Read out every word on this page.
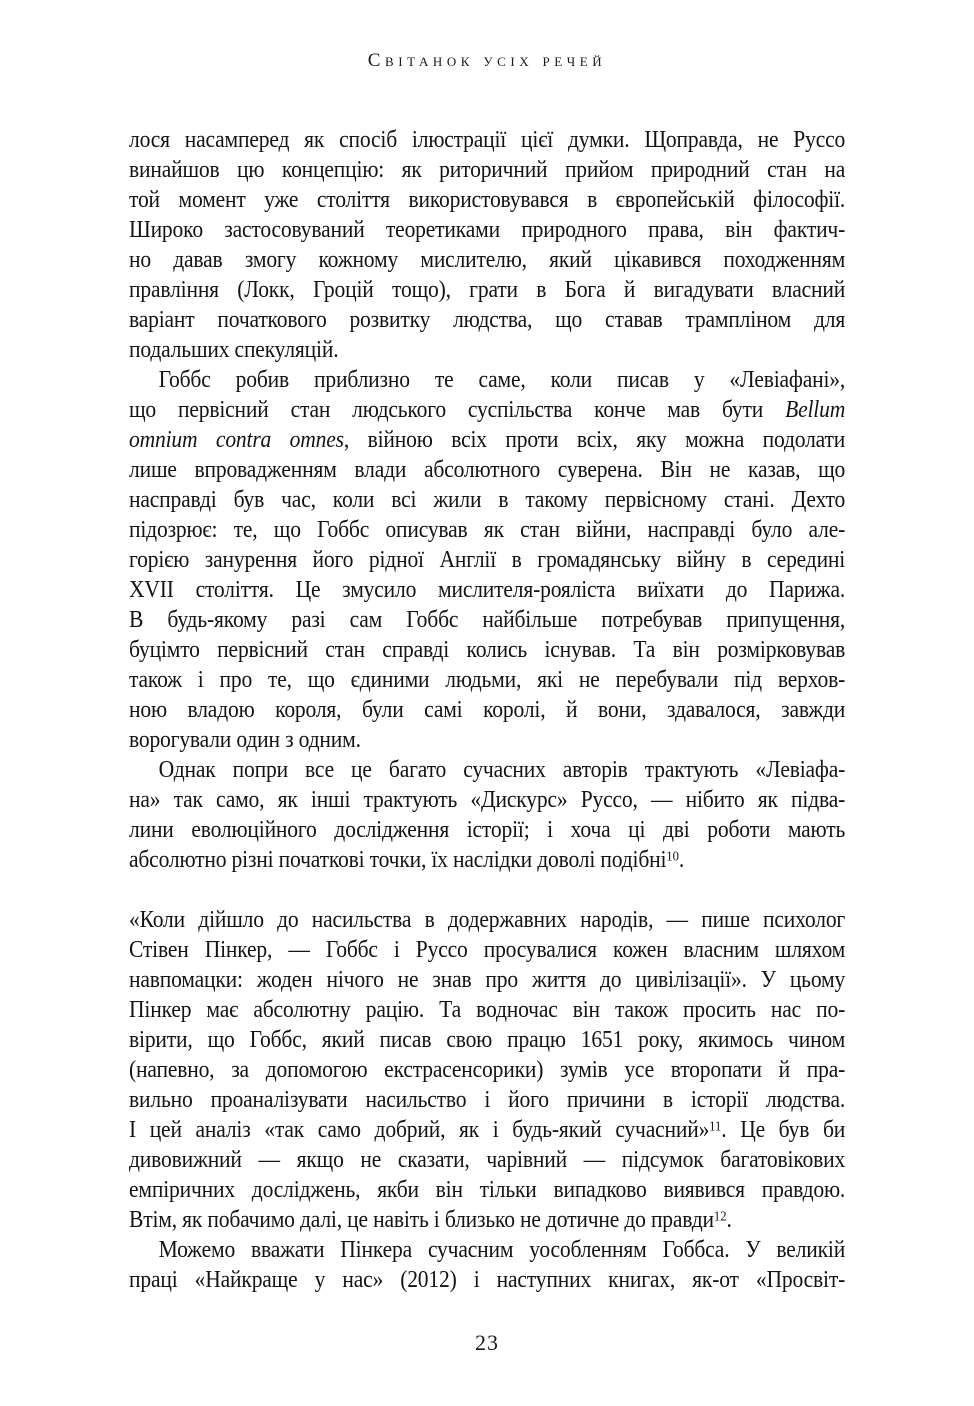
Світанок усіх речей
лося насамперед як спосіб ілюстрації цієї думки. Щоправда, не Руссо
винайшов цю концепцію: як риторичний прийом природний стан на
той момент уже століття використовувався в європейській філософії.
Широко застосовуваний теоретиками природного права, він фактич-
но давав змогу кожному мислителю, який цікавився походженням
правління (Локк, Гроцій тощо), грати в Бога й вигадувати власний
варіант початкового розвитку людства, що ставав трампліном для
подальших спекуляцій.
Гоббс робив приблизно те саме, коли писав у «Левіафані»,
що первісний стан людського суспільства конче мав бути Bellum
omnium contra omnes, війною всіх проти всіх, яку можна подолати
лише впровадженням влади абсолютного суверена. Він не казав, що
насправді був час, коли всі жили в такому первісному стані. Дехто
підозрює: те, що Гоббс описував як стан війни, насправді було але-
горією занурення його рідної Англії в громадянську війну в середині
XVII століття. Це змусило мислителя-рояліста виїхати до Парижа.
В будь-якому разі сам Гоббс найбільше потребував припущення,
буцімто первісний стан справді колись існував. Та він розмірковував
також і про те, що єдиними людьми, які не перебували під верхов-
ною владою короля, були самі королі, й вони, здавалося, завжди
ворогували один з одним.
Однак попри все це багато сучасних авторів трактують «Левіафа-
на» так само, як інші трактують «Дискурс» Руссо, — нібито як підва-
лини еволюційного дослідження історії; і хоча ці дві роботи мають
абсолютно різні початкові точки, їх наслідки доволі подібні$^{10}$.
«Коли дійшло до насильства в додержавних народів, — пише психолог
Стівен Пінкер, — Гоббс і Руссо просувалися кожен власним шляхом
навпомацки: жоден нічого не знав про життя до цивілізації». У цьому
Пінкер має абсолютну рацію. Та водночас він також просить нас по-
вірити, що Гоббс, який писав свою працю 1651 року, якимось чином
(напевно, за допомогою екстрасенсорики) зумів усе второпати й пра-
вильно проаналізувати насильство і його причини в історії людства.
І цей аналіз «так само добрий, як і будь-який сучасний»$^{11}$. Це був би
дивовижний — якщо не сказати, чарівний — підсумок багатовікових
емпіричних досліджень, якби він тільки випадково виявився правдою.
Втім, як побачимо далі, це навіть і близько не дотичне до правди$^{12}$.
Можемо вважати Пінкера сучасним уособленням Гоббса. У великій
праці «Найкраще у нас» (2012) і наступних книгах, як-от «Просвіт-
23
